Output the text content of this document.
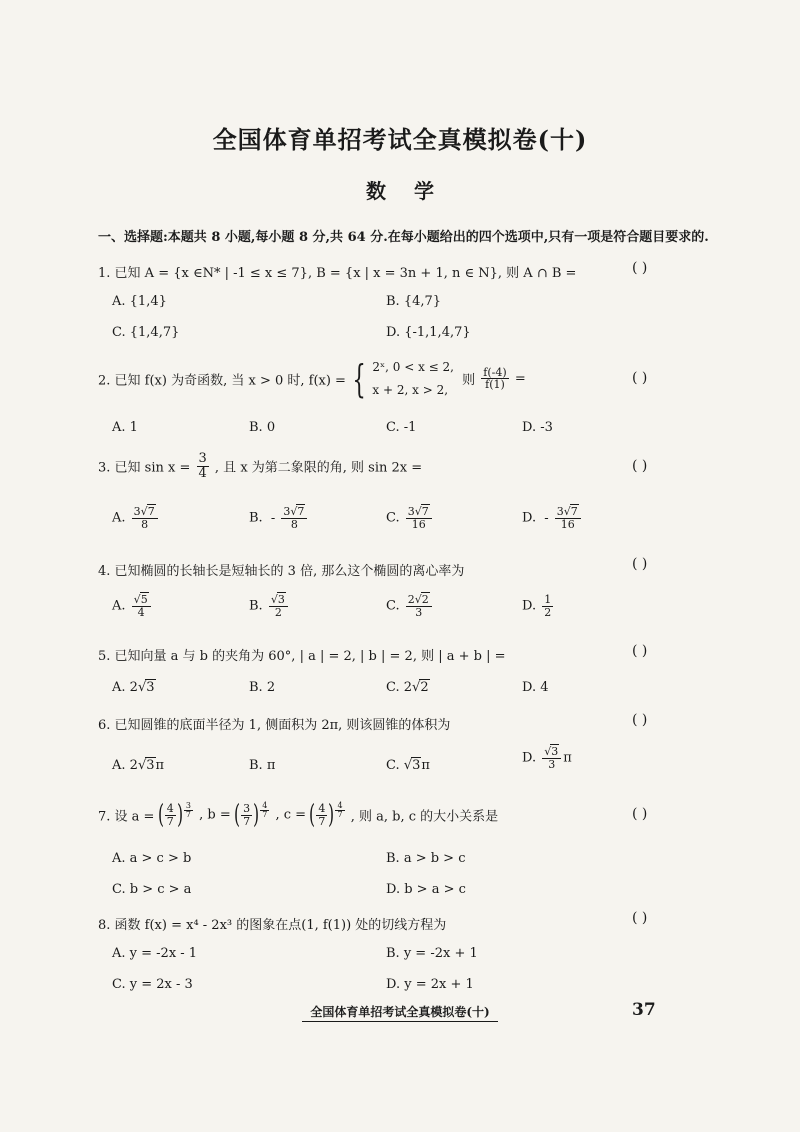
全国体育单招考试全真模拟卷(十)
数学
一、选择题:本题共 8 小题,每小题 8 分,共 64 分.在每小题给出的四个选项中,只有一项是符合题目要求的.
1. 已知 A = {x ∈N* | -1 ≤ x ≤ 7}, B = {x | x = 3n + 1, n ∈ N}, 则 A ∩ B =	( )
A. {1,4}	B. {4,7}
C. {1,4,7}	D. {-1,1,4,7}
2. 已知 f(x) 为奇函数, 当 x > 0 时, f(x) = { 2ˣ, 0 < x ≤ 2,
x + 2, x > 2,
则 $\frac{f(-4)}{f(1)}$ =	( )
A. 1	B. 0	C. -1	D. -3
3. 已知 $\sin x = \frac{3}{4}$ , 且 x 为第二象限的角, 则 sin 2x =	( )
A. $\frac{3√7}{8}$	B. - $\frac{3√7}{8}$	C. $\frac{3√7}{16}$	D. - $\frac{3√7}{16}$
4. 已知椭圆的长轴长是短轴长的 3 倍, 那么这个椭圆的离心率为	( )
A. $\frac{√5}{4}$	B. $\frac{√3}{2}$	C. $\frac{2√2}{3}$	D. $\frac{1}{2}$
5. 已知向量 a 与 b 的夹角为 60°, | a | = 2, | b | = 2, 则 | a + b | =	( )
A. 2√3	B. 2	C. 2√2	D. 4
6. 已知圆锥的底面半径为 1, 侧面积为 2π, 则该圆锥的体积为	( )
A. 2√3π	B. π	C. √3π	D. $\frac{√3}{3}$ π
7. 设 a = ( $\frac{4}{7}$ ) $\frac{3}{7}$ , b = ( $\frac{3}{7}$ ) $\frac{4}{7}$ , c = ( $\frac{4}{7}$ ) $\frac{4}{7}$ , 则 a, b, c 的大小关系是	( )
A. a > c > b	B. a > b > c
C. b > c > a	D. b > a > c
8. 函数 f(x) = x⁴ - 2x³ 的图象在点(1, f(1)) 处的切线方程为	( )
A. y = -2x - 1	B. y = -2x + 1
C. y = 2x - 3	D. y = 2x + 1
全国体育单招考试全真模拟卷(十)	37
